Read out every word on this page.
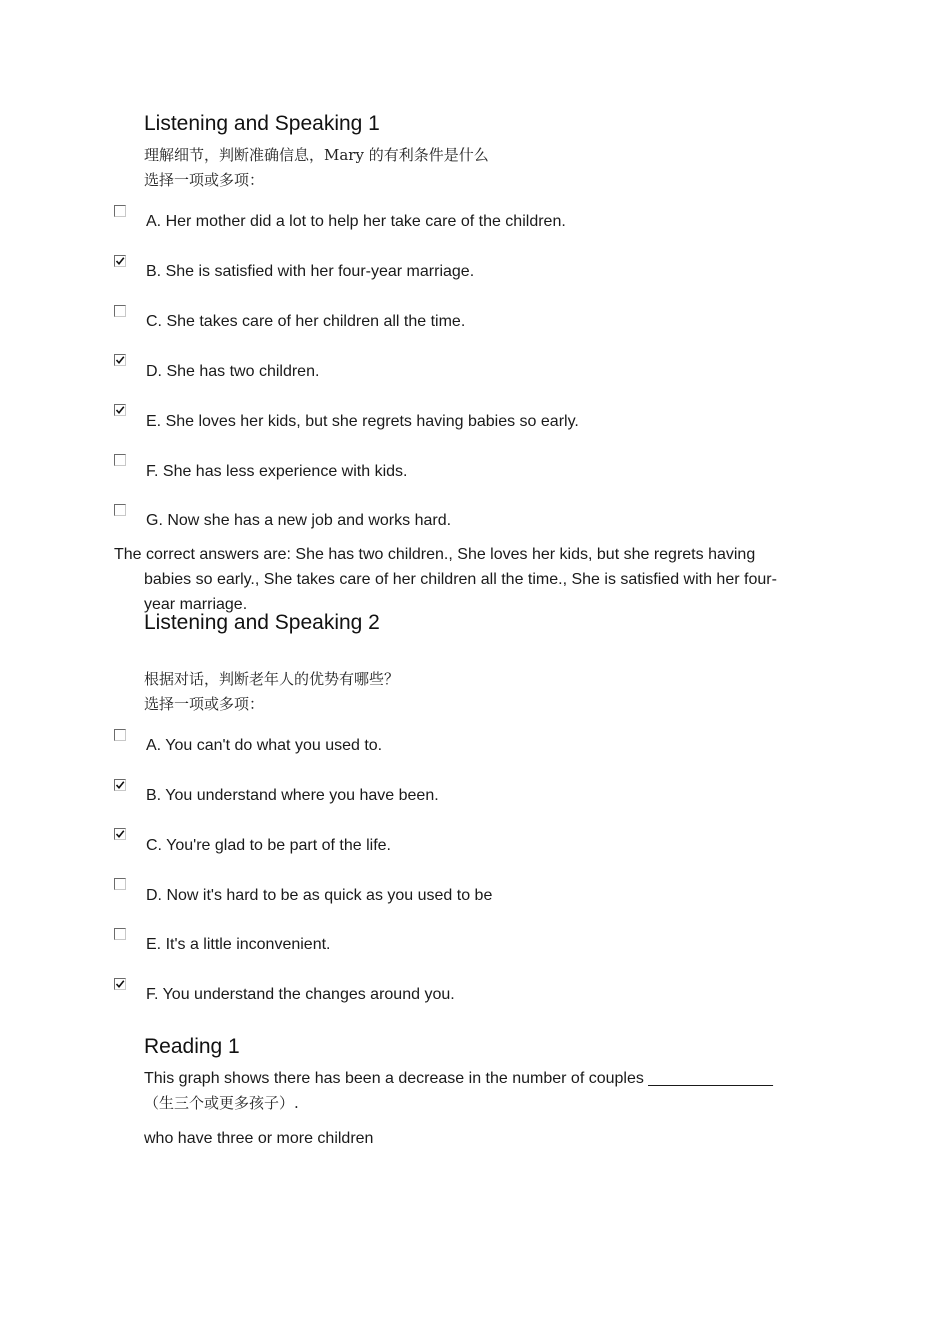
Listening and Speaking 1
理解细节，判断准确信息，Mary 的有利条件是什么
选择一项或多项：
A. Her mother did a lot to help her take care of the children.
B. She is satisfied with her four-year marriage.
C. She takes care of her children all the time.
D. She has two children.
E. She loves her kids, but she regrets having babies so early.
F. She has less experience with kids.
G. Now she has a new job and works hard.
The correct answers are: She has two children., She loves her kids, but she regrets having babies so early., She takes care of her children all the time., She is satisfied with her four-year marriage.
Listening and Speaking 2
根据对话，判断老年人的优势有哪些？
选择一项或多项：
A. You can't do what you used to.
B. You understand where you have been.
C. You're glad to be part of the life.
D. Now it's hard to be as quick as you used to be
E. It's a little inconvenient.
F. You understand the changes around you.
Reading 1
This graph shows there has been a decrease in the number of couples ______________
（生三个或更多孩子）.
who have three or more children
